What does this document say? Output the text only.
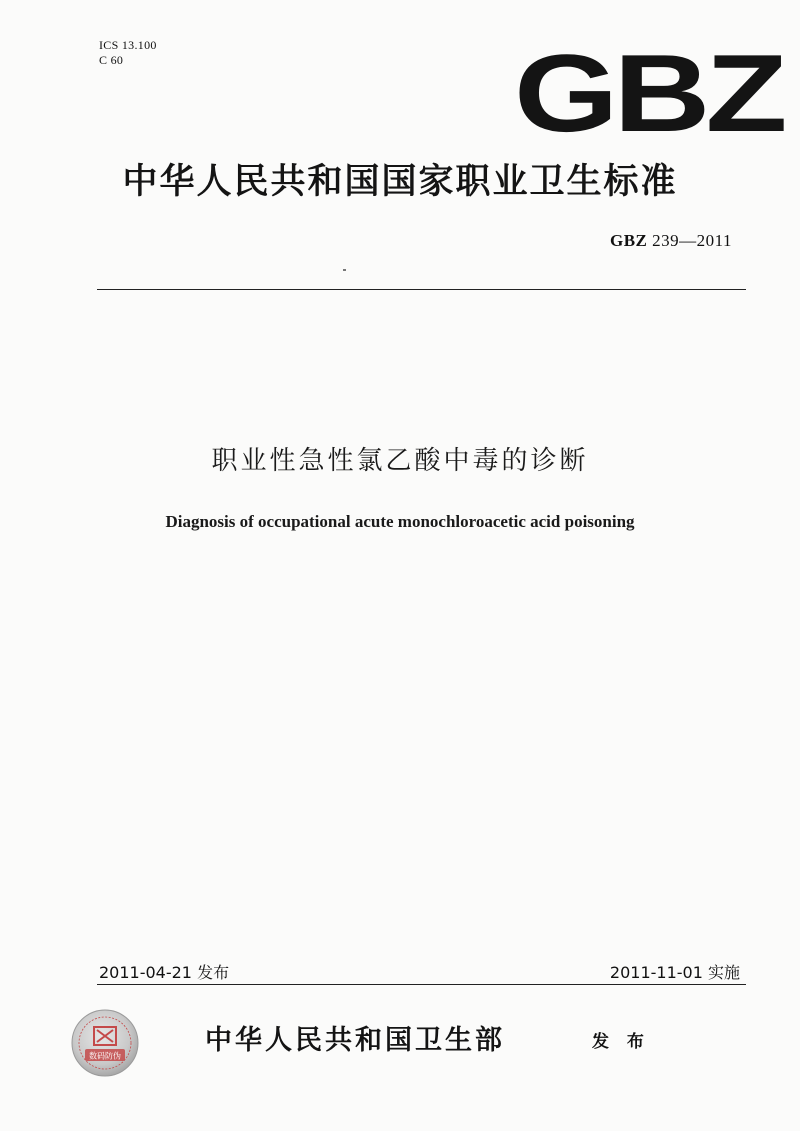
ICS 13.100
C 60	GBZ
中华人民共和国国家职业卫生标准
GBZ 239—2011
职业性急性氯乙酸中毒的诊断
Diagnosis of occupational acute monochloroacetic acid poisoning
2011-04-21 发布	2011-11-01 实施
数码防伪	中华人民共和国卫生部	发 布
